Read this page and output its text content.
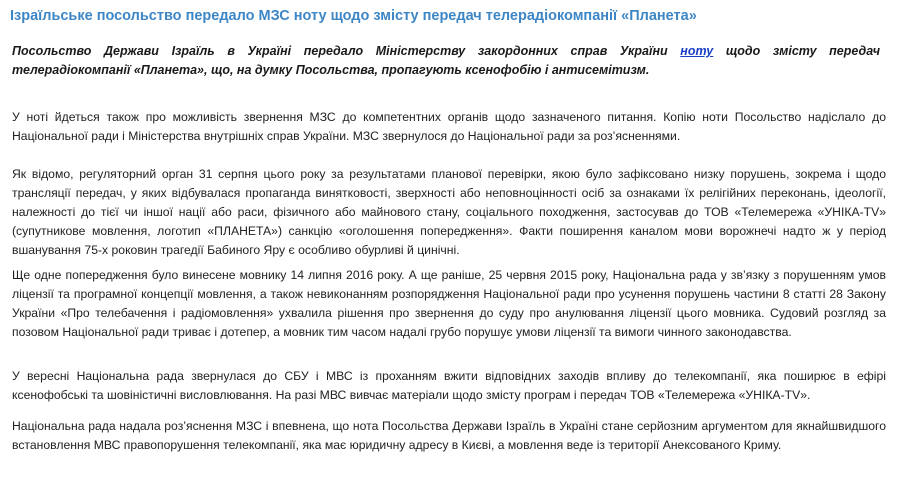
Ізраїльське посольство передало МЗС ноту щодо змісту передач телерадіокомпанії «Планета»

Посольство Держави Ізраїль в Україні передало Міністерству закордонних справ України ноту щодо змісту передач телерадіокомпанії «Планета», що, на думку Посольства, пропагують ксенофобію і антисемітизм.

У ноті йдеться також про можливість звернення МЗС до компетентних органів щодо зазначеного питання. Копію ноти Посольство надіслало до Національної ради і Міністерства внутрішніх справ України. МЗС звернулося до Національної ради за роз’ясненнями.

Як відомо, регуляторний орган 31 серпня цього року за результатами планової перевірки, якою було зафіксовано низку порушень, зокрема і щодо трансляції передач, у яких відбувалася пропаганда винятковості, зверхності або неповноцінності осіб за ознаками їх релігійних переконань, ідеології, належності до тієї чи іншої нації або раси, фізичного або майнового стану, соціального походження, застосував до ТОВ «Телемережа «УНІКА-TV» (супутникове мовлення, логотип «ПЛАНЕТА») санкцію «оголошення попередження». Факти поширення каналом мови ворожнечі надто ж у період вшанування 75-х роковин трагедії Бабиного Яру є особливо обурливі й цинічні.

Ще одне попередження було винесене мовнику 14 липня 2016 року. А ще раніше, 25 червня 2015 року, Національна рада у зв’язку з порушенням умов ліцензії та програмної концепції мовлення, а також невиконанням розпорядження Національної ради про усунення порушень частини 8 статті 28 Закону України «Про телебачення і радіомовлення» ухвалила рішення про звернення до суду про анулювання ліцензії цього мовника. Судовий розгляд за позовом Національної ради триває і дотепер, а мовник тим часом надалі грубо порушує умови ліцензії та вимоги чинного законодавства.

У вересні Національна рада звернулася до СБУ і МВС із проханням вжити відповідних заходів впливу до телекомпанії, яка поширює в ефірі ксенофобські та шовіністичні висловлювання. На разі МВС вивчає матеріали щодо змісту програм і передач ТОВ «Телемережа «УНІКА-TV».

Національна рада надала роз’яснення МЗС і впевнена, що нота Посольства Держави Ізраїль в Україні стане серйозним аргументом для якнайшвидшого встановлення МВС правопорушення телекомпанії, яка має юридичну адресу в Києві, а мовлення веде із території Анексованого Криму.
